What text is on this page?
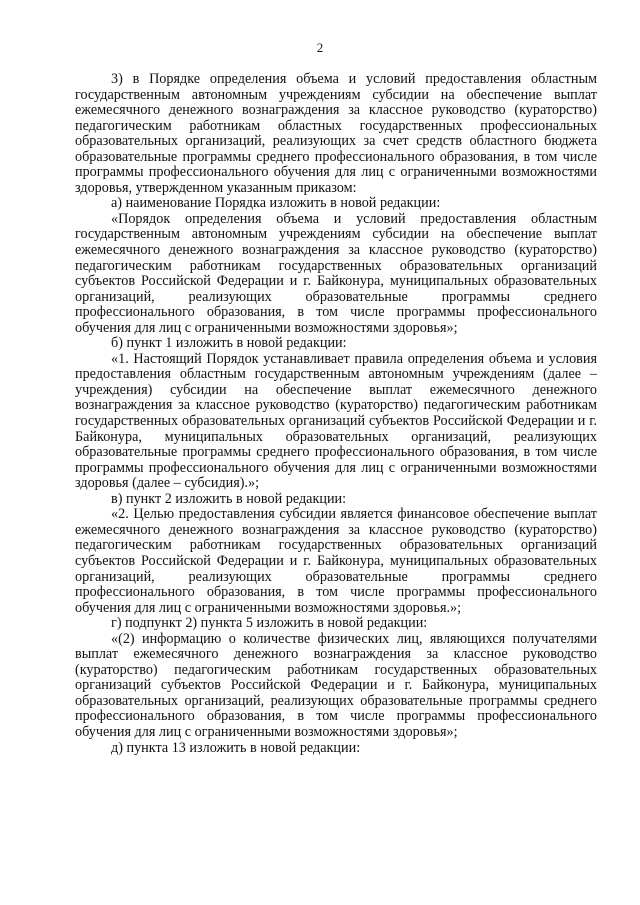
2

3) в Порядке определения объема и условий предоставления областным государственным автономным учреждениям субсидии на обеспечение выплат ежемесячного денежного вознаграждения за классное руководство (кураторство) педагогическим работникам областных государственных профессиональных образовательных организаций, реализующих за счет средств областного бюджета образовательные программы среднего профессионального образования, в том числе программы профессионального обучения для лиц с ограниченными возможностями здоровья, утвержденном указанным приказом:

а) наименование Порядка изложить в новой редакции:

«Порядок определения объема и условий предоставления областным государственным автономным учреждениям субсидии на обеспечение выплат ежемесячного денежного вознаграждения за классное руководство (кураторство) педагогическим работникам государственных образовательных организаций субъектов Российской Федерации и г. Байконура, муниципальных образовательных организаций, реализующих образовательные программы среднего профессионального образования, в том числе программы профессионального обучения для лиц с ограниченными возможностями здоровья»;

б) пункт 1 изложить в новой редакции:

«1. Настоящий Порядок устанавливает правила определения объема и условия предоставления областным государственным автономным учреждениям (далее – учреждения) субсидии на обеспечение выплат ежемесячного денежного вознаграждения за классное руководство (кураторство) педагогическим работникам государственных образовательных организаций субъектов Российской Федерации и г. Байконура, муниципальных образовательных организаций, реализующих образовательные программы среднего профессионального образования, в том числе программы профессионального обучения для лиц с ограниченными возможностями здоровья (далее – субсидия).»;

в) пункт 2 изложить в новой редакции:

«2. Целью предоставления субсидии является финансовое обеспечение выплат ежемесячного денежного вознаграждения за классное руководство (кураторство) педагогическим работникам государственных образовательных организаций субъектов Российской Федерации и г. Байконура, муниципальных образовательных организаций, реализующих образовательные программы среднего профессионального образования, в том числе программы профессионального обучения для лиц с ограниченными возможностями здоровья.»;

г) подпункт 2) пункта 5 изложить в новой редакции:

«(2) информацию о количестве физических лиц, являющихся получателями выплат ежемесячного денежного вознаграждения за классное руководство (кураторство) педагогическим работникам государственных образовательных организаций субъектов Российской Федерации и г. Байконура, муниципальных образовательных организаций, реализующих образовательные программы среднего профессионального образования, в том числе программы профессионального обучения для лиц с ограниченными возможностями здоровья»;

д) пункта 13 изложить в новой редакции:
